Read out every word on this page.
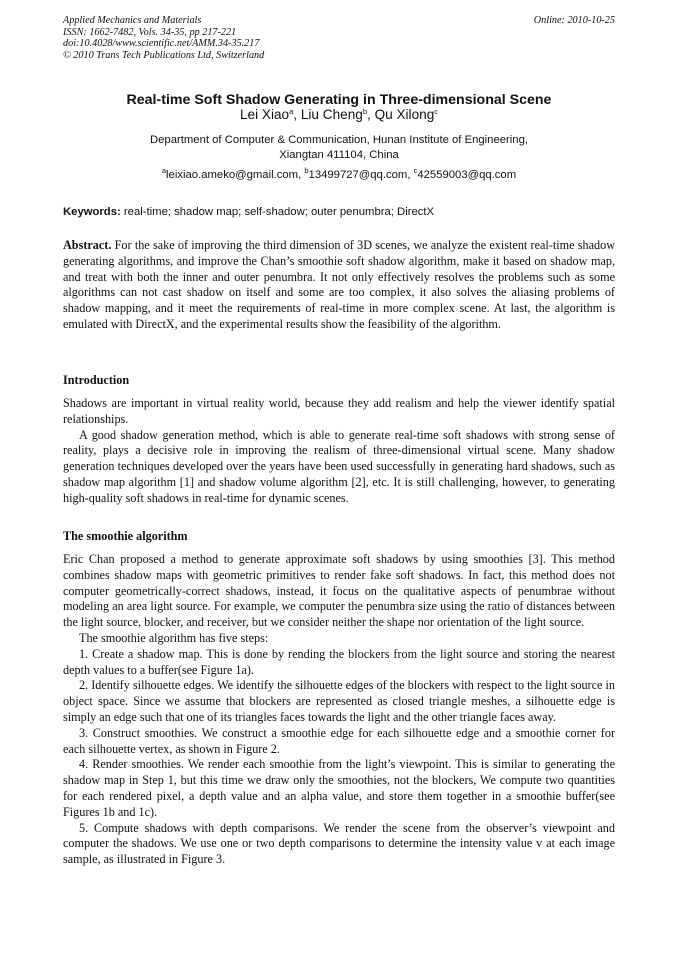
Applied Mechanics and Materials
ISSN: 1662-7482, Vols. 34-35, pp 217-221
doi:10.4028/www.scientific.net/AMM.34-35.217
© 2010 Trans Tech Publications Ltd, Switzerland
Online: 2010-10-25
Real-time Soft Shadow Generating in Three-dimensional Scene
Lei Xiao$^a$, Liu Cheng$^b$, Qu Xilong$^c$
Department of Computer & Communication, Hunan Institute of Engineering,
Xiangtan 411104, China
$^a$leixiao.ameko@gmail.com, $^b$13499727@qq.com, $^c$42559003@qq.com
Keywords: real-time; shadow map; self-shadow; outer penumbra; DirectX

Abstract. For the sake of improving the third dimension of 3D scenes, we analyze the existent real-time shadow generating algorithms, and improve the Chan’s smoothie soft shadow algorithm, make it based on shadow map, and treat with both the inner and outer penumbra. It not only effectively resolves the problems such as some algorithms can not cast shadow on itself and some are too complex, it also solves the aliasing problems of shadow mapping, and it meet the requirements of real-time in more complex scene. At last, the algorithm is emulated with DirectX, and the experimental results show the feasibility of the algorithm.

Introduction

Shadows are important in virtual reality world, because they add realism and help the viewer identify spatial relationships.

A good shadow generation method, which is able to generate real-time soft shadows with strong sense of reality, plays a decisive role in improving the realism of three-dimensional virtual scene. Many shadow generation techniques developed over the years have been used successfully in generating hard shadows, such as shadow map algorithm [1] and shadow volume algorithm [2], etc. It is still challenging, however, to generating high-quality soft shadows in real-time for dynamic scenes.

The smoothie algorithm

Eric Chan proposed a method to generate approximate soft shadows by using smoothies [3]. This method combines shadow maps with geometric primitives to render fake soft shadows. In fact, this method does not computer geometrically-correct shadows, instead, it focus on the qualitative aspects of penumbrae without modeling an area light source. For example, we computer the penumbra size using the ratio of distances between the light source, blocker, and receiver, but we consider neither the shape nor orientation of the light source.

The smoothie algorithm has five steps:

1. Create a shadow map. This is done by rending the blockers from the light source and storing the nearest depth values to a buffer(see Figure 1a).

2. Identify silhouette edges. We identify the silhouette edges of the blockers with respect to the light source in object space. Since we assume that blockers are represented as closed triangle meshes, a silhouette edge is simply an edge such that one of its triangles faces towards the light and the other triangle faces away.

3. Construct smoothies. We construct a smoothie edge for each silhouette edge and a smoothie corner for each silhouette vertex, as shown in Figure 2.

4. Render smoothies. We render each smoothie from the light’s viewpoint. This is similar to generating the shadow map in Step 1, but this time we draw only the smoothies, not the blockers, We compute two quantities for each rendered pixel, a depth value and an alpha value, and store them together in a smoothie buffer(see Figures 1b and 1c).

5. Compute shadows with depth comparisons. We render the scene from the observer’s viewpoint and computer the shadows. We use one or two depth comparisons to determine the intensity value v at each image sample, as illustrated in Figure 3.
